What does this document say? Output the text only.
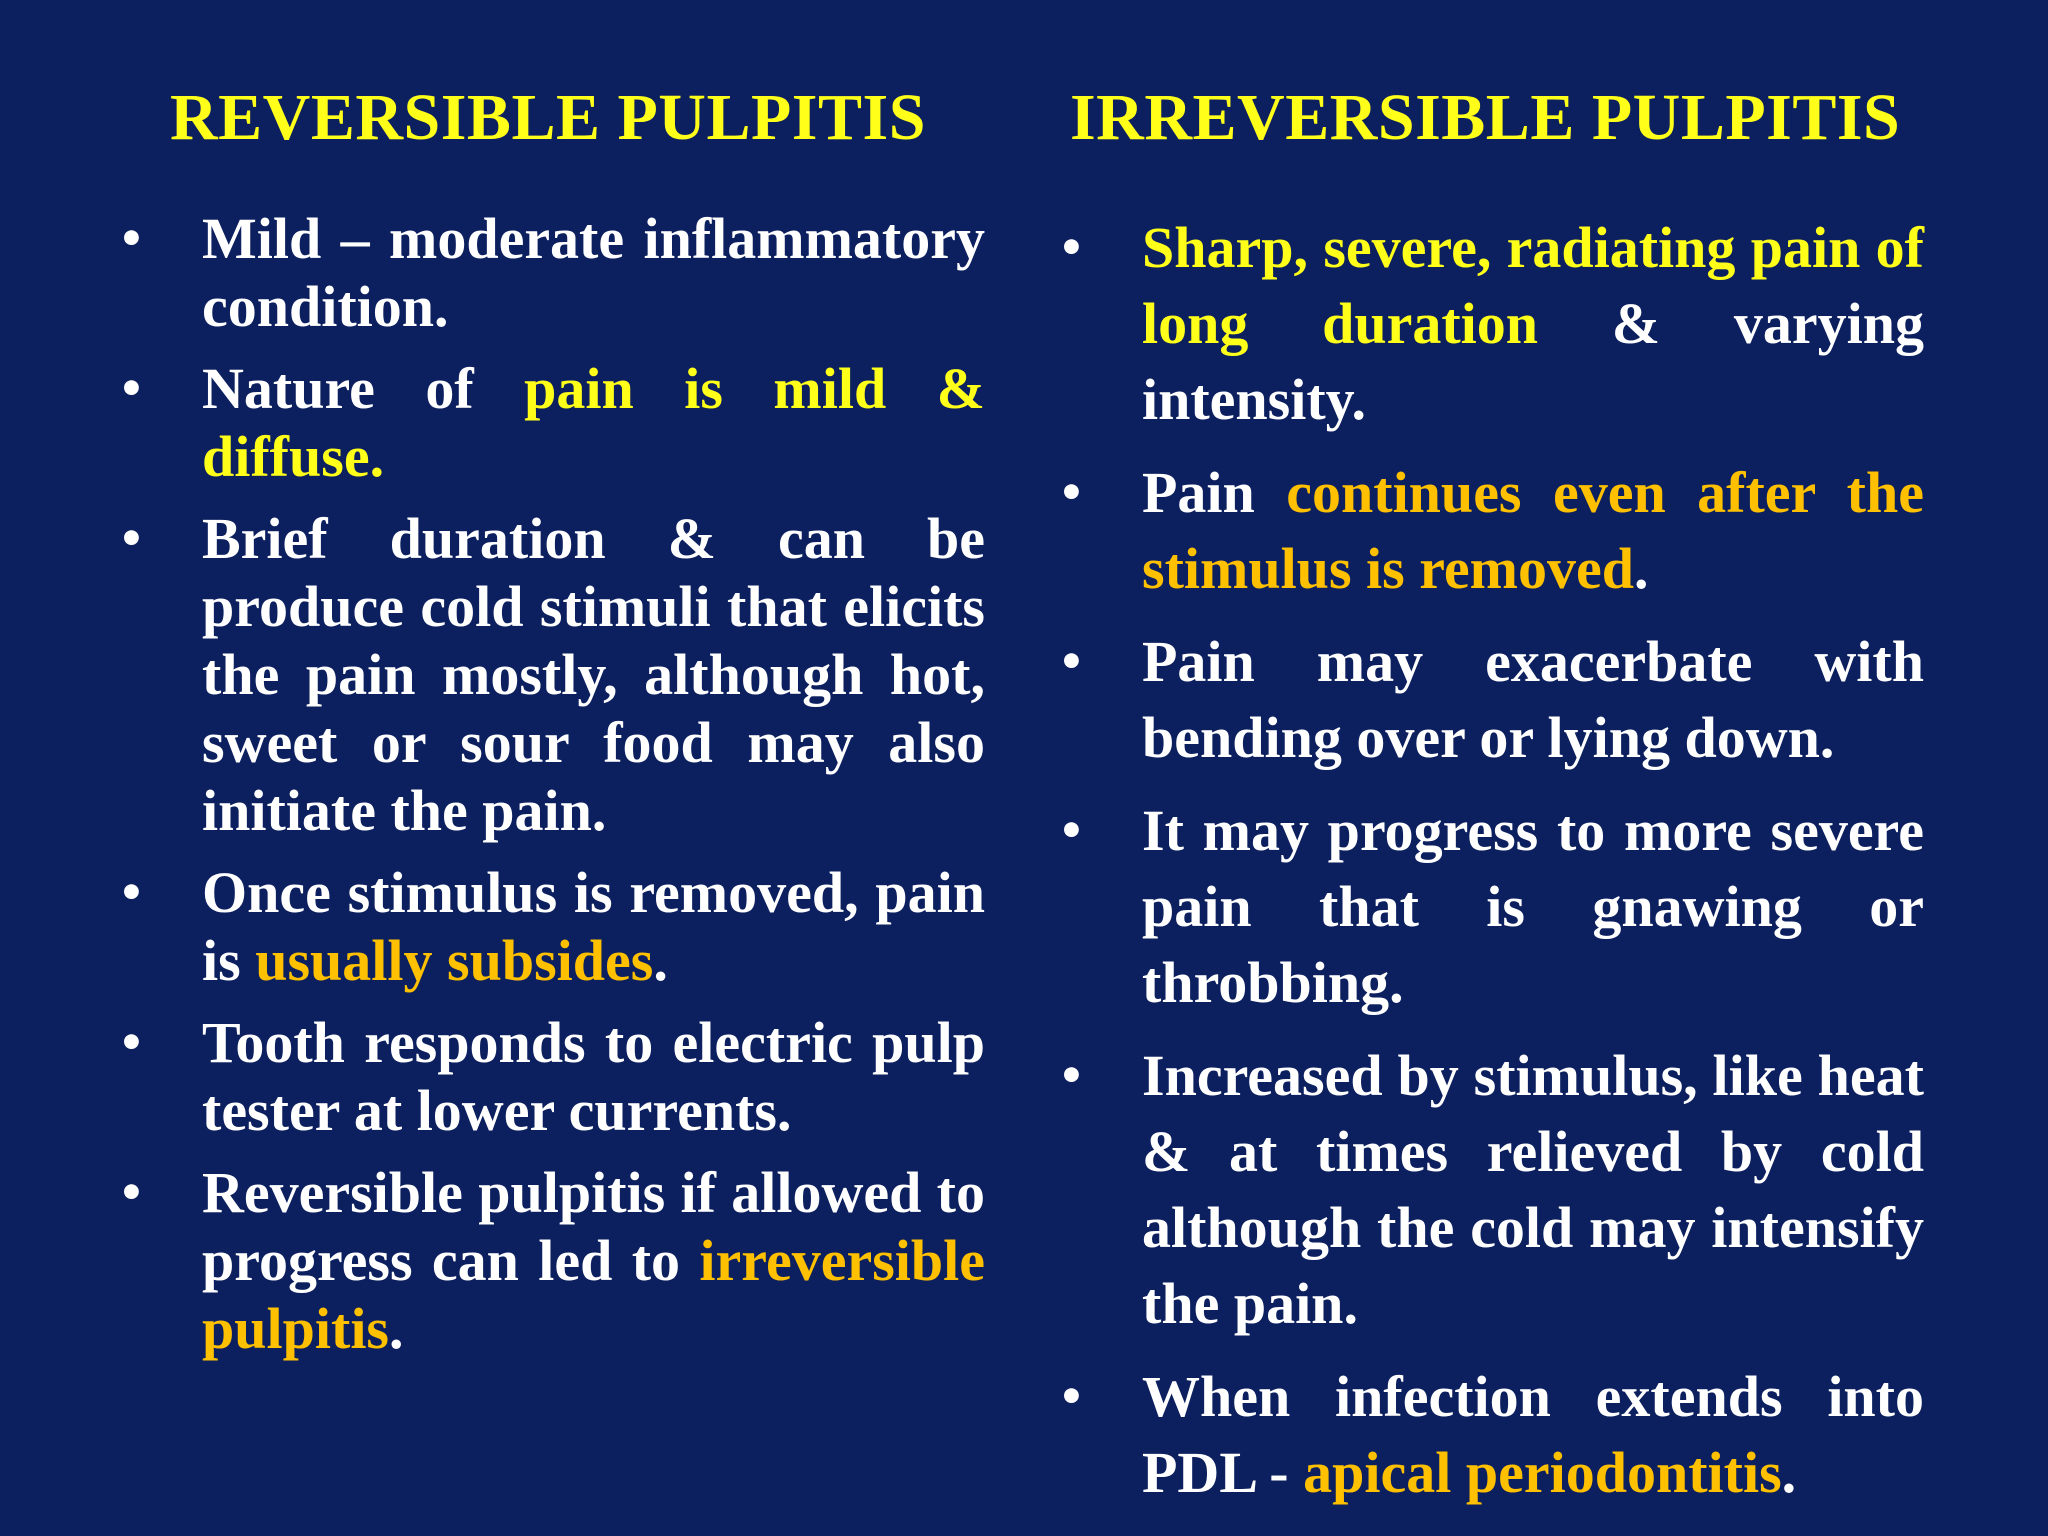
REVERSIBLE PULPITIS IRREVERSIBLE PULPITIS
• Mild – moderate inflammatory condition.
• Nature of pain is mild & diffuse.
• Brief duration & can be produce cold stimuli that elicits the pain mostly, although hot, sweet or sour food may also initiate the pain.
• Once stimulus is removed, pain is usually subsides.
• Tooth responds to electric pulp tester at lower currents.
• Reversible pulpitis if allowed to progress can led to irreversible pulpitis.
• Sharp, severe, radiating pain of long duration & varying intensity.
• Pain continues even after the stimulus is removed.
• Pain may exacerbate with bending over or lying down.
• It may progress to more severe pain that is gnawing or throbbing.
• Increased by stimulus, like heat & at times relieved by cold although the cold may intensify the pain.
• When infection extends into PDL - apical periodontitis.
